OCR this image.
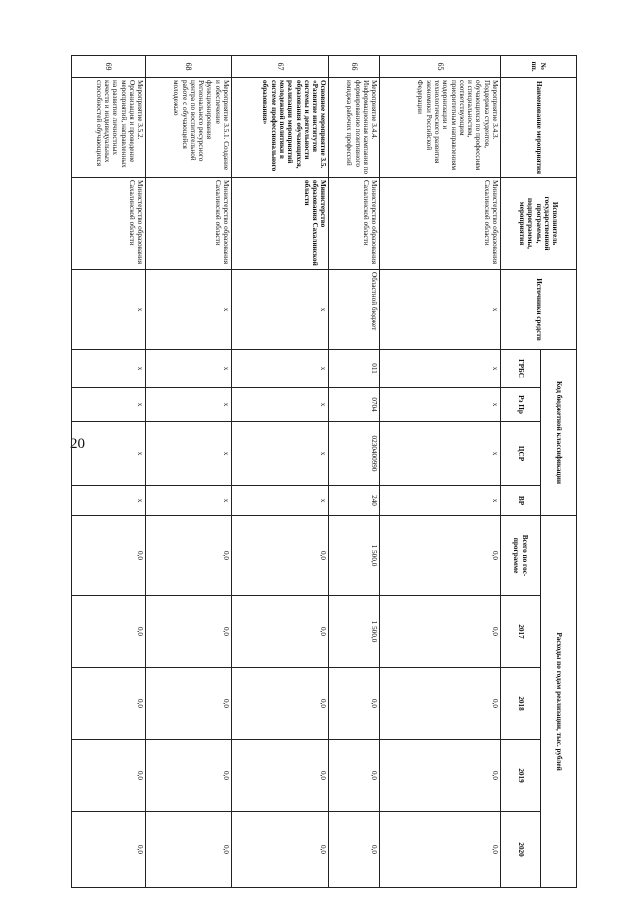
20
№ пп.	Наименование мероприятия	Исполнитель государственной программы, подпрограммы, мероприятия	Источники средств	Код бюджетной классификации				Расходы по годам реализации, тыс. рублей				
				ГРБС	Рз Пр	ЦСР	ВР	Всего по гос-программе	2017	2018	2019	2020
65	Мероприятие 3.4.3. Поддержка студентов, обучающихся по профессиям и специальностям, соответствующим приоритетным направлениям модернизации и технологического развития экономики Российской Федерации	Министерство образования Сахалинской области	х	х	х	х	х	0,0	0,0	0,0	0,0	0,0
66	Мероприятие 3.4.4. Информационная кампания по формированию позитивного имиджа рабочих профессий	Министерство образования Сахалинской области	Областной бюджет	011	0704	0230400990	240	1 500,0	1 500,0	0,0	0,0	0,0
67	Основное мероприятие 3.5. «Развитие институтов системы и деятельности образования обучающихся, реализации мероприятий молодежной политики в системе профессионального образования»	Министерство образования Сахалинской области	х	х	х	х	х	0,0	0,0	0,0	0,0	0,0
68	Мероприятие 3.5.1. Создание и обеспечение функционирования Регионального ресурсного центра по воспитательной работе с обучающейся молодежью	Министерство образования Сахалинской области	х	х	х	х	х	0,0	0,0	0,0	0,0	0,0
69	Мероприятие 3.5.2. Организация и проведение мероприятий, направленных на развитие личностных качеств и индивидуальных способностей обучающихся	Министерство образования Сахалинской области	х	х	х	х	х	0,0	0,0	0,0	0,0	0,0
